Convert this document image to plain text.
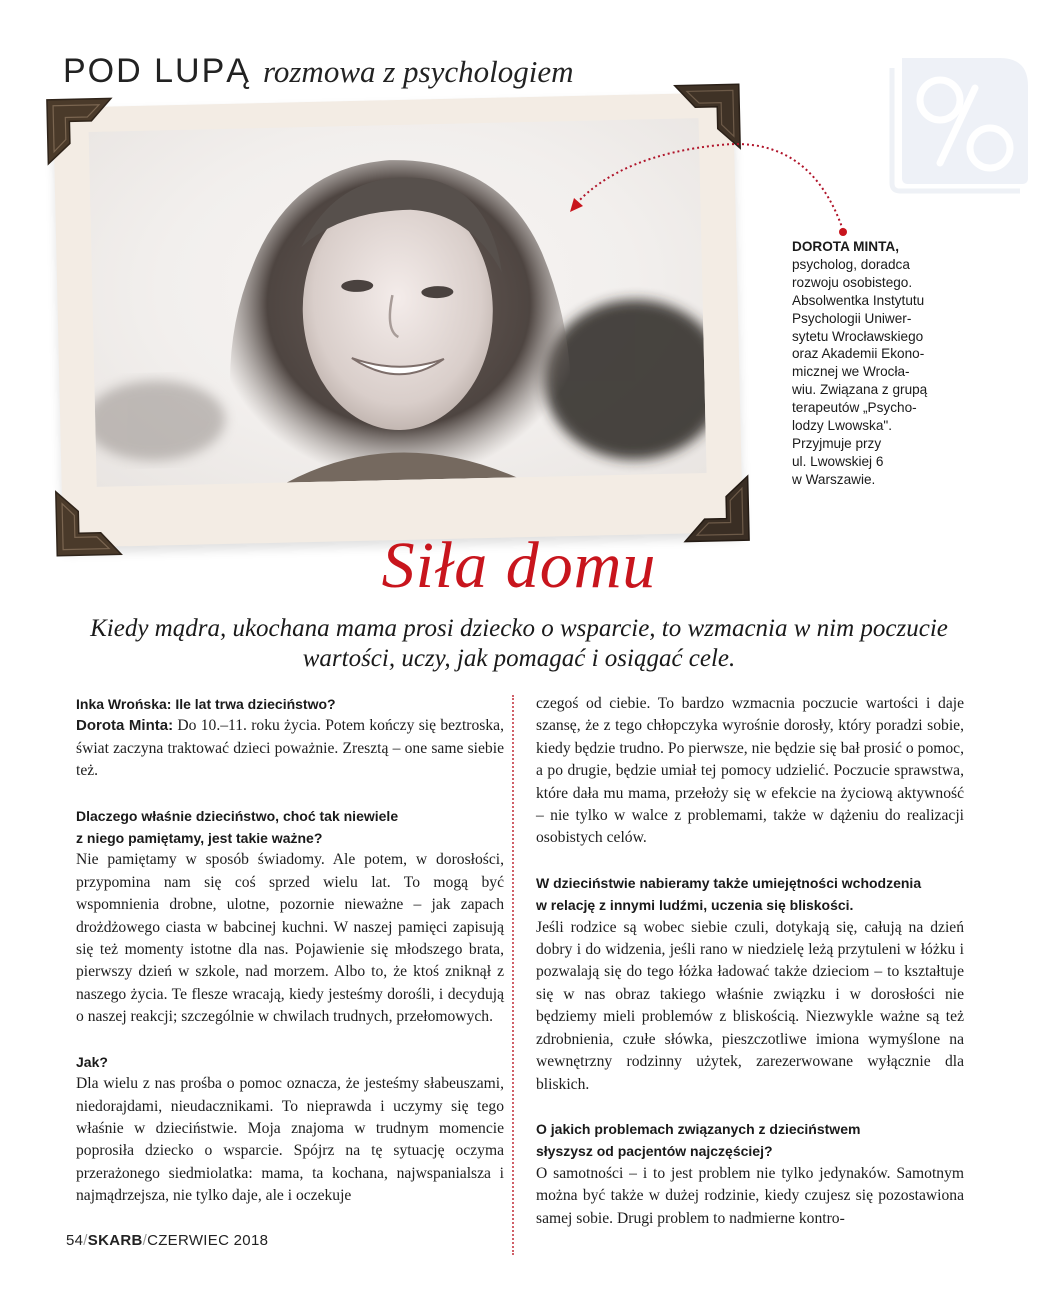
POD LUPĄ rozmowa z psychologiem
DOROTA MINTA,
psycholog, doradca
rozwoju osobistego.
Absolwentka Instytutu
Psychologii Uniwer-
sytetu Wrocławskiego
oraz Akademii Ekono-
micznej we Wrocła-
wiu. Związana z grupą
terapeutów „Psycho-
lodzy Lwowska".
Przyjmuje przy
ul. Lwowskiej 6
w Warszawie.
Siła domu
Kiedy mądra, ukochana mama prosi dziecko o wsparcie, to wzmacnia w nim poczucie wartości, uczy, jak pomagać i osiągać cele.

Inka Wrońska: Ile lat trwa dzieciństwo?

Dorota Minta: Do 10.–11. roku życia. Potem kończy się beztroska, świat zaczyna traktować dzieci poważnie. Zresztą – one same siebie też.

Dlaczego właśnie dzieciństwo, choć tak niewiele
z niego pamiętamy, jest takie ważne?

Nie pamiętamy w sposób świadomy. Ale potem, w dorosłości, przypomina nam się coś sprzed wielu lat. To mogą być wspomnienia drobne, ulotne, pozornie nieważne – jak zapach drożdżowego ciasta w babcinej kuchni. W naszej pamięci zapisują się też momenty istotne dla nas. Pojawienie się młodszego brata, pierwszy dzień w szkole, nad morzem. Albo to, że ktoś zniknął z naszego życia. Te flesze wracają, kiedy jesteśmy dorośli, i decydują o naszej reakcji; szczególnie w chwilach trudnych, przełomowych.

Jak?

Dla wielu z nas prośba o pomoc oznacza, że jesteśmy słabeuszami, niedorajdami, nieudacznikami. To nieprawda i uczymy się tego właśnie w dzieciństwie. Moja znajoma w trudnym momencie poprosiła dziecko o wsparcie. Spójrz na tę sytuację oczyma przerażonego siedmiolatka: mama, ta kochana, najwspanialsza i najmądrzejsza, nie tylko daje, ale i oczekuje

czegoś od ciebie. To bardzo wzmacnia poczucie wartości i daje szansę, że z tego chłopczyka wyrośnie dorosły, który poradzi sobie, kiedy będzie trudno. Po pierwsze, nie będzie się bał prosić o pomoc, a po drugie, będzie umiał tej pomocy udzielić. Poczucie sprawstwa, które dała mu mama, przełoży się w efekcie na życiową aktywność – nie tylko w walce z problemami, także w dążeniu do realizacji osobistych celów.

W dzieciństwie nabieramy także umiejętności wchodzenia
w relację z innymi ludźmi, uczenia się bliskości.

Jeśli rodzice są wobec siebie czuli, dotykają się, całują na dzień dobry i do widzenia, jeśli rano w niedzielę leżą przytuleni w łóżku i pozwalają się do tego łóżka ładować także dzieciom – to kształtuje się w nas obraz takiego właśnie związku i w dorosłości nie będziemy mieli problemów z bliskością. Niezwykle ważne są też zdrobnienia, czułe słówka, pieszczotliwe imiona wymyślone na wewnętrzny rodzinny użytek, zarezerwowane wyłącznie dla bliskich.

O jakich problemach związanych z dzieciństwem
słyszysz od pacjentów najczęściej?

O samotności – i to jest problem nie tylko jedynaków. Samotnym można być także w dużej rodzinie, kiedy czujesz się pozostawiona samej sobie. Drugi problem to nadmierne kontro-

54/SKARB/CZERWIEC 2018
